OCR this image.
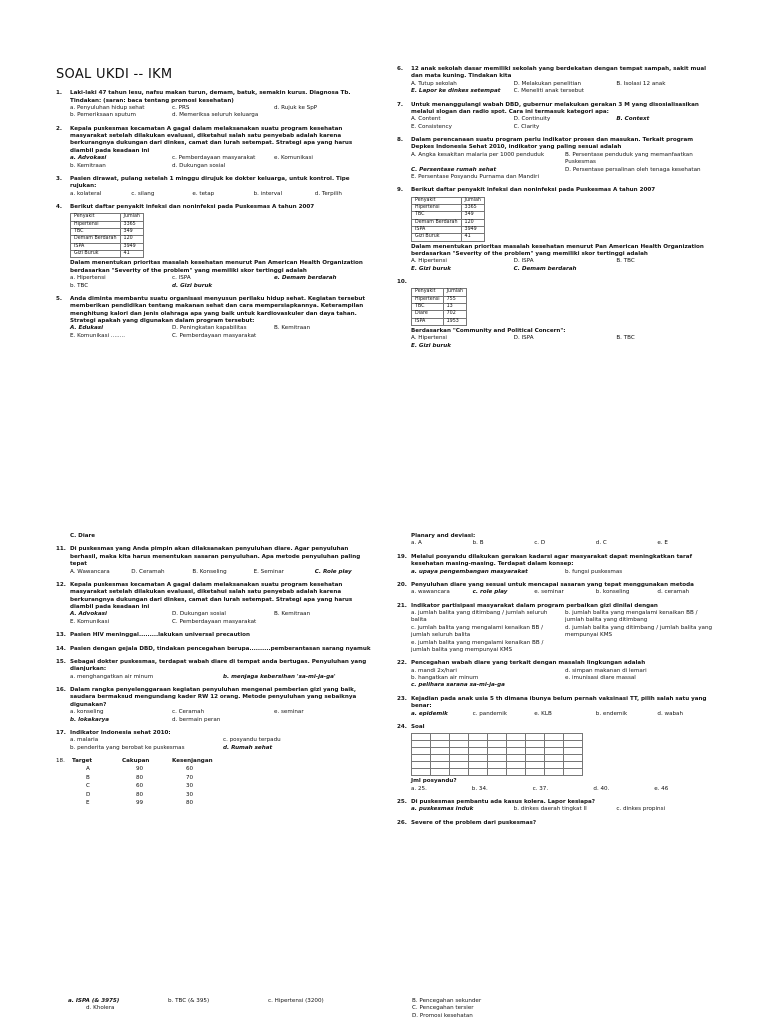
SOAL UKDI -- IKM
1.	Laki-laki 47 tahun lesu, nafsu makan turun, demam, batuk, semakin kurus. Diagnosa Tb. Tindakan: (saran: baca tentang promosi kesehatan)
a. Penyuluhan hidup sehat	c. PRS	d. Rujuk ke SpP
b. Pemeriksaan sputum	d. Memeriksa seluruh keluarga
2.	Kepala puskesmas kecamatan A gagal dalam melaksanakan suatu program kesehatan masyarakat setelah dilakukan evaluasi, diketahui salah satu penyebab adalah karena berkurangnya dukungan dari dinkes, camat dan lurah setempat. Strategi apa yang harus diambil pada keadaan ini
a. Advokasi	c. Pemberdayaan masyarakat	e. Komunikasi
b. Kemitraan	d. Dukungan sosial
3.	Pasien dirawat, pulang setelah 1 minggu dirujuk ke dokter keluarga, untuk kontrol. Tipe rujukan:
a. kolateral	c. silang	e. tetap	b. interval	d. Terpilih
4.	Berikut daftar penyakit infeksi dan noninfeksi pada Puskesmas A tahun 2007
Penyakit	Jumlah
Hipertensi	3365
TBC	349
Demam Berdarah	120
ISPA	3949
Gizi Buruk	41
Dalam menentukan prioritas masalah kesehatan menurut Pan American Health Organization berdasarkan "Severity of the problem" yang memiliki skor tertinggi adalah
a. Hipertensi	c. ISPA	e. Demam berdarah
b. TBC	d. Gizi buruk
5.	Anda diminta membantu suatu organisasi menyusun perilaku hidup sehat. Kegiatan tersebut memberikan pendidikan tentang makanan sehat dan cara mempersiapkannya. Keterampilan menghitung kalori dan jenis olahraga apa yang baik untuk kardiovaskuler dan daya tahan. Strategi apakah yang digunakan dalam program tersebut:
A. Edukasi	D. Peningkatan kapabilitas	B. Kemitraan
E. Komunikasi ........	C. Pemberdayaan masyarakat
6.	12 anak sekolah dasar memiliki sekolah yang berdekatan dengan tempat sampah, sakit mual dan mata kuning. Tindakan kita
A. Tutup sekolah	D. Melakukan penelitian	B. Isolasi 12 anak
E. Lapor ke dinkes setempat	C. Meneliti anak tersebut
7.	Untuk menanggulangi wabah DBD, gubernur melakukan gerakan 3 M yang disosialisasikan melalui slogan dan radio spot. Cara ini termasuk kategori apa:
A. Content	D. Continuity	B. Context
E. Consistency	C. Clarity
8.	Dalam perencanaan suatu program perlu indikator proses dan masukan. Terkait program Depkes Indonesia Sehat 2010, indikator yang paling sesuai adalah
A. Angka kesakitan malaria per 1000 penduduk	B. Persentase penduduk yang memanfaatkan Puskesmas
C. Persentase rumah sehat	D. Persentase persalinan oleh tenaga kesehatan
E. Persentase Posyandu Purnama dan Mandiri
9.	Berikut daftar penyakit infeksi dan noninfeksi pada Puskesmas A tahun 2007
Penyakit	Jumlah
Hipertensi	3365
TBC	349
Demam Berdarah	120
ISPA	3949
Gizi Buruk	41
Dalam menentukan prioritas masalah kesehatan menurut Pan American Health Organization berdasarkan "Severity of the problem" yang memiliki skor tertinggi adalah
A. Hipertensi	D. ISPA	B. TBC
E. Gizi buruk	C. Demam berdarah
10.
Penyakit	Jumlah
Hipertensi	755
TBC	13
Diare	702
ISPA	1953
Berdasarkan "Community and Political Concern":
A. Hipertensi	D. ISPA	B. TBC
E. Gizi buruk
C. Diare
11. Di puskesmas yang Anda pimpin akan dilaksanakan penyuluhan diare. Agar penyuluhan berhasil, maka kita harus menentukan sasaran penyuluhan. Apa metode penyuluhan paling tepat
A. Wawancara	D. Ceramah	B. Konseling	E. Seminar	C. Role play
12. Kepala puskesmas kecamatan A gagal dalam melaksanakan suatu program kesehatan masyarakat setelah dilakukan evaluasi, diketahui salah satu penyebab adalah karena berkurangnya dukungan dari dinkes, camat dan lurah setempat. Strategi apa yang harus diambil pada keadaan ini
A. Advokasi	D. Dukungan sosial	B. Kemitraan
E. Komunikasi	C. Pemberdayaan masyarakat
13. Pasien HIV meninggal.........lakukan universal precaution
14. Pasien dengan gejala DBD, tindakan pencegahan berupa..........pemberantasan sarang nyamuk
15. Sebagai dokter puskesmas, terdapat wabah diare di tempat anda bertugas. Penyuluhan yang dianjurkan:
a. menghangatkan air minum	b. menjaga kebersihan 'sa-mi-ja-ga'
16. Dalam rangka penyelenggaraan kegiatan penyuluhan mengenai pemberian gizi yang baik, saudara bermaksud mengundang kader RW 12 orang. Metode penyuluhan yang sebaiknya digunakan?
a. konseling	c. Ceramah	e. seminar
b. lokakarya	d. bermain peran
17. Indikator Indonesia sehat 2010:
a. malaria	c. posyandu terpadu
b. penderita yang berobat ke puskesmas	d. Rumah sehat
18.	Target	Cakupan	Kesenjangan
A	90	60
B	80	70
C	60	30
D	80	30
E	99	80
Planary and deviasi:
a. A	b. B	c. D	d. C	e. E
19. Melalui posyandu dilakukan gerakan kadarsi agar masyarakat dapat meningkatkan taraf kesehatan masing-masing. Terdapat dalam konsep:
a. upaya pengembangan masyarakat	b. fungsi puskesmas
20. Penyuluhan diare yang sesuai untuk mencapai sasaran yang tepat menggunakan metoda
a. wawancara	c. role play	e. seminar	b. konseling	d. ceramah
21. Indikator partisipasi masyarakat dalam program perbaikan gizi dinilai dengan
a. jumlah balita yang ditimbang / jumlah seluruh balita
b. jumlah balita yang mengalami kenaikan BB / jumlah balita yang ditimbang
c. jumlah balita yang mengalami kenaikan BB / jumlah seluruh balita
d. jumlah balita yang ditimbang / jumlah balita yang mempunyai KMS
e. jumlah balita yang mengalami kenaikan BB / jumlah balita yang mempunyai KMS
22. Pencegahan wabah diare yang terkait dengan masalah lingkungan adalah
a. mandi 2x/hari	d. simpan makanan di lemari
b. hangatkan air minum	e. imunisasi diare massal
c. pelihara sarana sa-mi-ja-ga
23. Kejadian pada anak usia 5 th dimana ibunya belum pernah vaksinasi TT, pilih salah satu yang benar:
a. epidemik	c. pandemik	e. KLB	b. endemik	d. wabah
24. Soal

Jml posyandu?
a. 25.	b. 34.	c. 37.	d. 40.	e. 46
25. Di puskesmas pembantu ada kasus kolera. Lapor kesiapa?
a. puskesmas induk	b. dinkes daerah tingkat II	c. dinkes propinsi
26. Severe of the problem dari puskesmas?
a. ISPA (& 3975)	b. TBC (& 395)	c. Hipertensi (3200)
d. Kholera
B. Pencegahan sekunder
C. Pencegahan tersier
D. Promosi kesehatan
